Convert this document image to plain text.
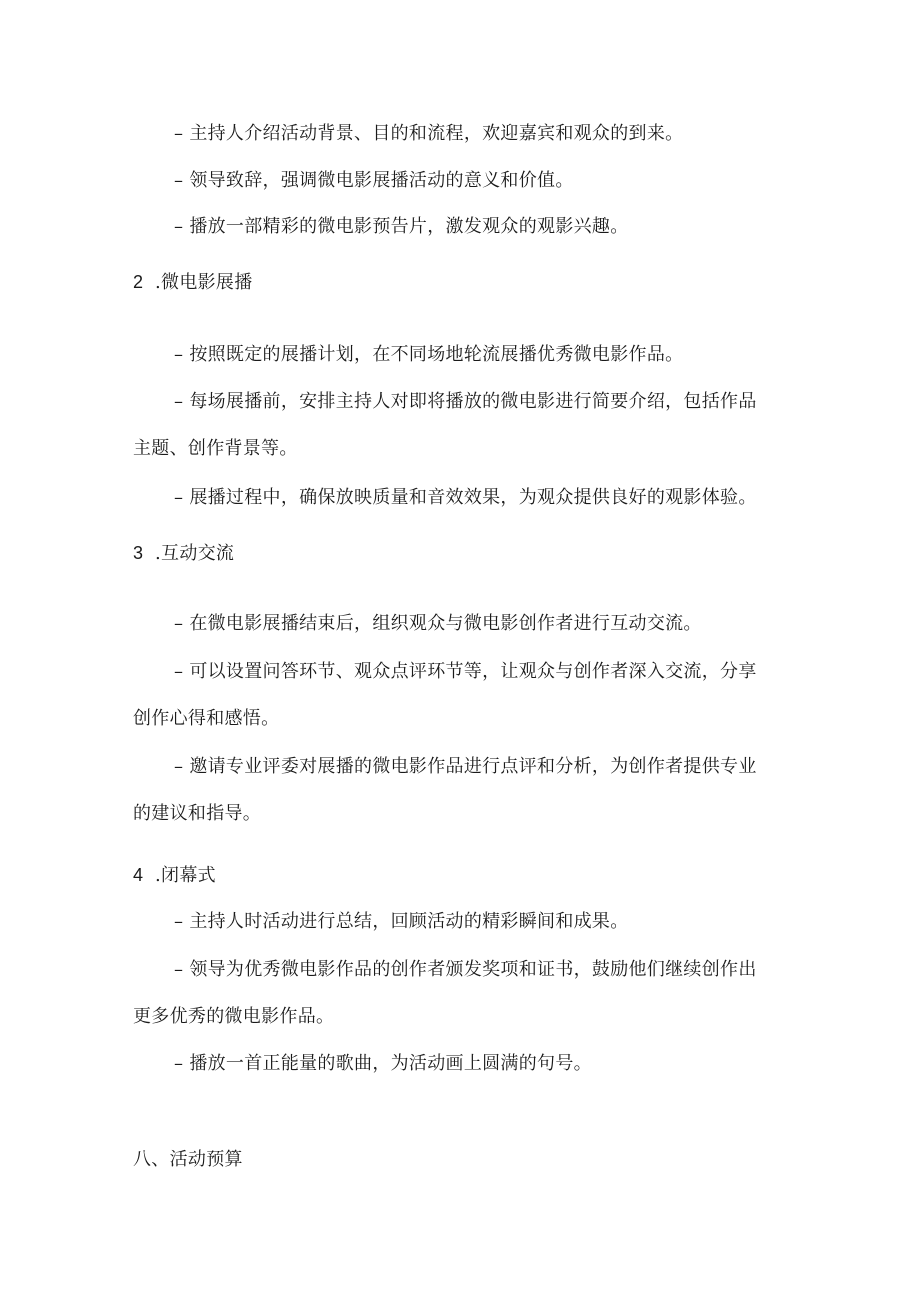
– 主持人介绍活动背景、目的和流程，欢迎嘉宾和观众的到来。
– 领导致辞，强调微电影展播活动的意义和价值。
– 播放一部精彩的微电影预告片，激发观众的观影兴趣。
2 .微电影展播
– 按照既定的展播计划，在不同场地轮流展播优秀微电影作品。
– 每场展播前，安排主持人对即将播放的微电影进行简要介绍，包括作品
主题、创作背景等。
– 展播过程中，确保放映质量和音效效果，为观众提供良好的观影体验。
3 .互动交流
– 在微电影展播结束后，组织观众与微电影创作者进行互动交流。
– 可以设置问答环节、观众点评环节等，让观众与创作者深入交流，分享
创作心得和感悟。
– 邀请专业评委对展播的微电影作品进行点评和分析，为创作者提供专业
的建议和指导。
4 .闭幕式
– 主持人时活动进行总结，回顾活动的精彩瞬间和成果。
– 领导为优秀微电影作品的创作者颁发奖项和证书，鼓励他们继续创作出
更多优秀的微电影作品。
– 播放一首正能量的歌曲，为活动画上圆满的句号。
八、活动预算
